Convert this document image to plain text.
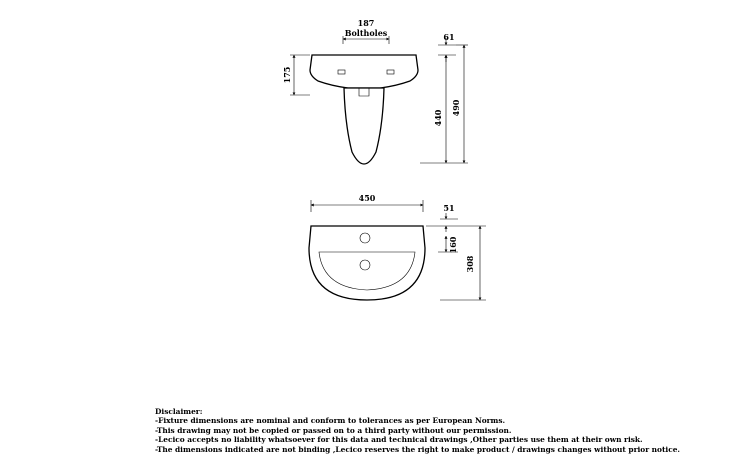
187
Boltholes
175
61
440
490
450
51
160
308
Disclaimer:
-Fixture dimensions are nominal and conform to tolerances as per European Norms.
-This drawing may not be copied or passed on to a third party without our permission.
-Lecico accepts no liability whatsoever for this data and technical drawings ,Other parties use them at their own risk.
-The dimensions indicated are not binding ,Lecico reserves the right to make product / drawings changes without prior notice.
